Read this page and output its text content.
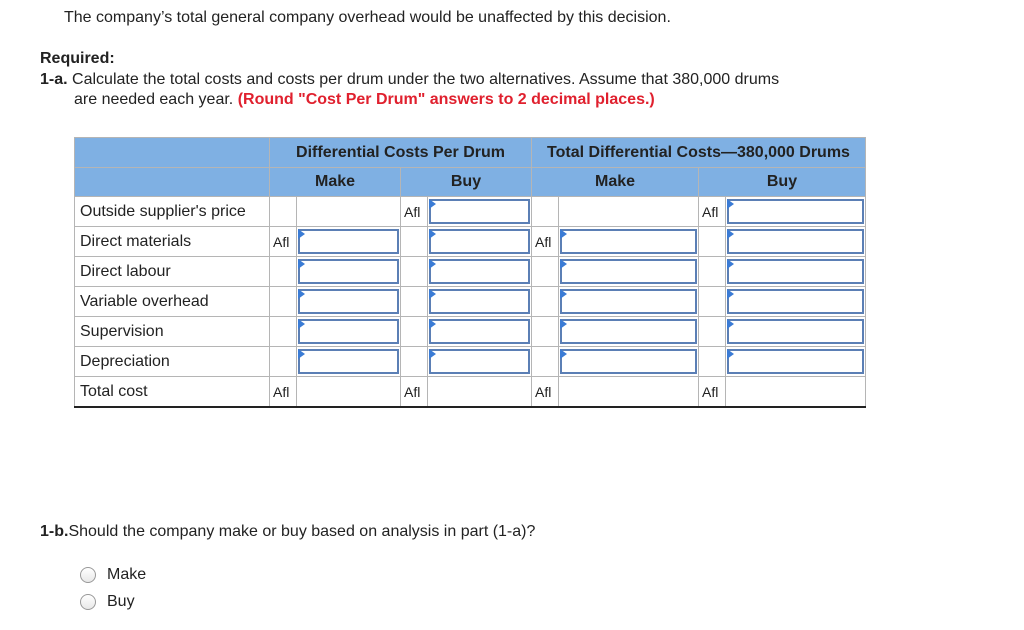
The company’s total general company overhead would be unaffected by this decision.
Required:
1-a. Calculate the total costs and costs per drum under the two alternatives. Assume that 380,000 drums
are needed each year. (Round "Cost Per Drum" answers to 2 decimal places.)
	Differential Costs Per Drum				Total Differential Costs—380,000 Drums			
	Make		Buy		Make		Buy	
Outside supplier's price			Afl				Afl	

Direct materials	Afl				Afl	

Direct labour		

Variable overhead		

Supervision		

Depreciation		

Total cost	Afl		Afl		Afl		Afl	
1-b.Should the company make or buy based on analysis in part (1-a)?
Make
Buy
